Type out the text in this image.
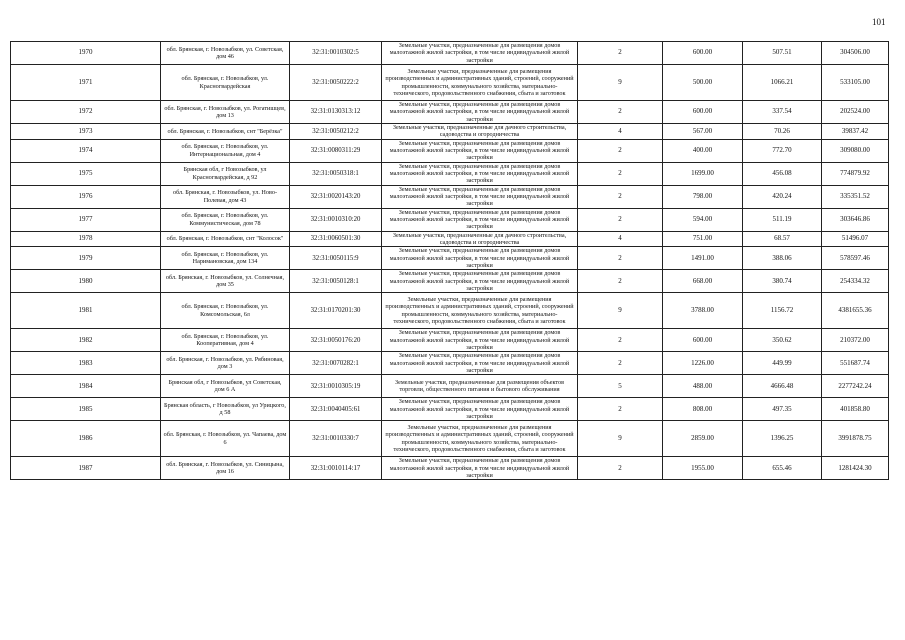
101
1970	обл. Брянская, г. Новозыбков, ул. Советская, дом 46	32:31:0010302:5	Земельные участки, предназначенные для размещения домов малоэтажной жилой застройки, в том числе индивидуальной жилой застройки	2	600.00	507.51	304506.00
1971	обл. Брянская, г. Новозыбков, ул. Красногвардейская	32:31:0050222:2	Земельные участки, предназначенные для размещения производственных и административных зданий, строений, сооружений промышленности, коммунального хозяйства, материально-технического, продовольственного снабжения, сбыта и заготовок	9	500.00	1066.21	533105.00
1972	обл. Брянская, г. Новозыбков, ул. Рогатишцев, дом 13	32:31:0130313:12	Земельные участки, предназначенные для размещения домов малоэтажной жилой застройки, в том числе индивидуальной жилой застройки	2	600.00	337.54	202524.00
1973	обл. Брянская, г. Новозыбков, снт "Берёзка"	32:31:0050212:2	Земельные участки, предназначенные для дачного строительства, садоводства и огородничества	4	567.00	70.26	39837.42
1974	обл. Брянская, г. Новозыбков, ул. Интернациональная, дом 4	32:31:0080311:29	Земельные участки, предназначенные для размещения домов малоэтажной жилой застройки, в том числе индивидуальной жилой застройки	2	400.00	772.70	309080.00
1975	Брянская обл, г Новозыбков, ул Красногвардейская, д 92	32:31:0050318:1	Земельные участки, предназначенные для размещения домов малоэтажной жилой застройки, в том числе индивидуальной жилой застройки	2	1699.00	456.08	774879.92
1976	обл. Брянская, г. Новозыбков, ул. Ново-Полевая, дом 43	32:31:0020143:20	Земельные участки, предназначенные для размещения домов малоэтажной жилой застройки, в том числе индивидуальной жилой застройки	2	798.00	420.24	335351.52
1977	обл. Брянская, г. Новозыбков, ул. Коммунистическая, дом 78	32:31:0010310:20	Земельные участки, предназначенные для размещения домов малоэтажной жилой застройки, в том числе индивидуальной жилой застройки	2	594.00	511.19	303646.86
1978	обл. Брянская, г. Новозыбков, снт "Колосок"	32:31:0060501:30	Земельные участки, предназначенные для дачного строительства, садоводства и огородничества	4	751.00	68.57	51496.07
1979	обл. Брянская, г. Новозыбков, ул. Наримановская, дом 134	32:31:0050115:9	Земельные участки, предназначенные для размещения домов малоэтажной жилой застройки, в том числе индивидуальной жилой застройки	2	1491.00	388.06	578597.46
1980	обл. Брянская, г. Новозыбков, ул. Солнечная, дом 35	32:31:0050128:1	Земельные участки, предназначенные для размещения домов малоэтажной жилой застройки, в том числе индивидуальной жилой застройки	2	668.00	380.74	254334.32
1981	обл. Брянская, г. Новозыбков, ул. Комсомольская, 6л	32:31:0170201:30	Земельные участки, предназначенные для размещения производственных и административных зданий, строений, сооружений промышленности, коммунального хозяйства, материально-технического, продовольственного снабжения, сбыта и заготовок	9	3788.00	1156.72	4381655.36
1982	обл. Брянская, г. Новозыбков, ул. Кооперативная, дом 4	32:31:0050176:20	Земельные участки, предназначенные для размещения домов малоэтажной жилой застройки, в том числе индивидуальной жилой застройки	2	600.00	350.62	210372.00
1983	обл. Брянская, г. Новозыбков, ул. Рябиновая, дом 3	32:31:0070282:1	Земельные участки, предназначенные для размещения домов малоэтажной жилой застройки, в том числе индивидуальной жилой застройки	2	1226.00	449.99	551687.74
1984	Брянская обл, г Новозыбков, ул Советская, дом 6 А	32:31:0010305:19	Земельные участки, предназначенные для размещения объектов торговли, общественного питания и бытового обслуживания	5	488.00	4666.48	2277242.24
1985	Брянская область, г Новозыбков, ул Урицкого, д 58	32:31:0040405:61	Земельные участки, предназначенные для размещения домов малоэтажной жилой застройки, в том числе индивидуальной жилой застройки	2	808.00	497.35	401858.80
1986	обл. Брянская, г. Новозыбков, ул. Чапаева, дом 6	32:31:0010330:7	Земельные участки, предназначенные для размещения производственных и административных зданий, строений, сооружений промышленности, коммунального хозяйства, материально-технического, продовольственного снабжения, сбыта и заготовок	9	2859.00	1396.25	3991878.75
1987	обл. Брянская, г. Новозыбков, ул. Синицына, дом 16	32:31:0010114:17	Земельные участки, предназначенные для размещения домов малоэтажной жилой застройки, в том числе индивидуальной жилой застройки	2	1955.00	655.46	1281424.30
